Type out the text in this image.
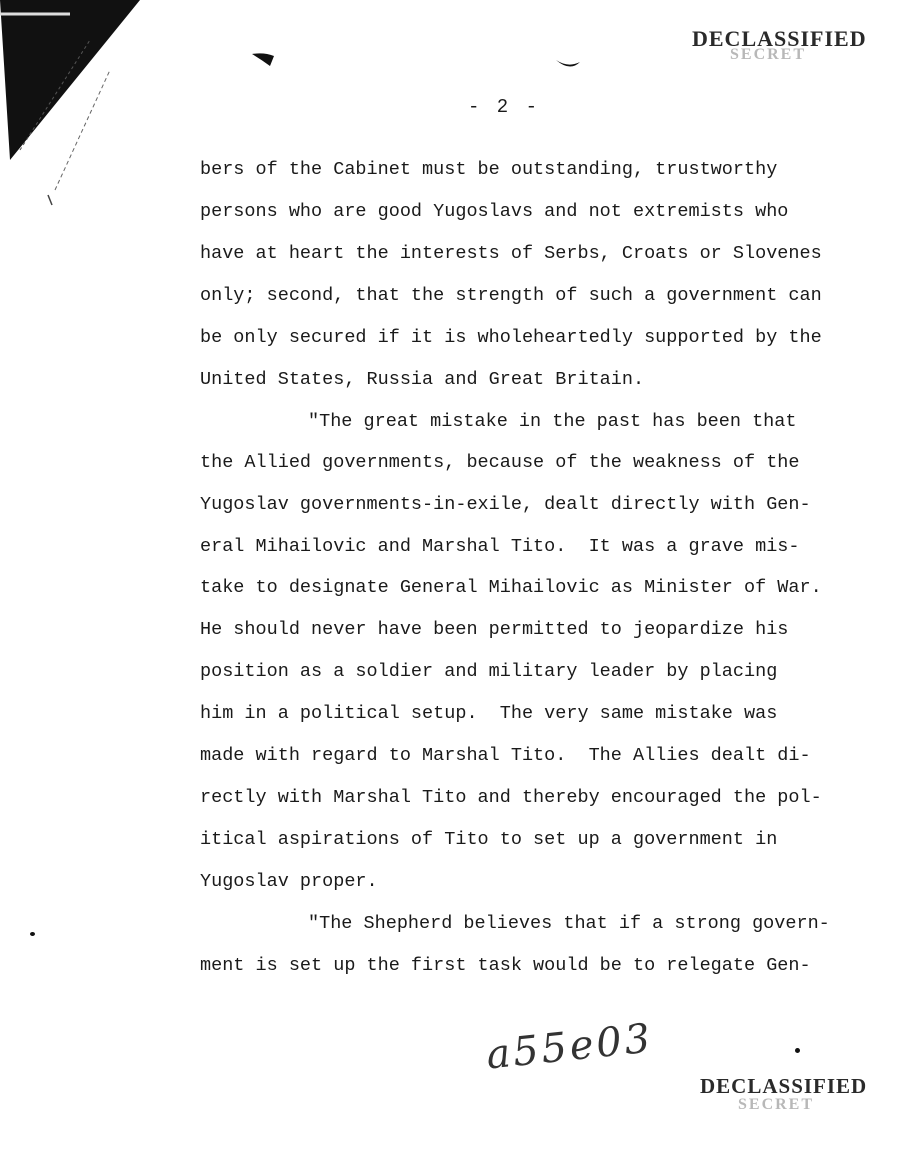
DECLASSIFIED
SECRET
- 2 -
bers of the Cabinet must be outstanding, trustworthy
persons who are good Yugoslavs and not extremists who
have at heart the interests of Serbs, Croats or Slovenes
only; second, that the strength of such a government can
be only secured if it is wholeheartedly supported by the
United States, Russia and Great Britain.
"The great mistake in the past has been that
the Allied governments, because of the weakness of the
Yugoslav governments-in-exile, dealt directly with Gen-
eral Mihailovic and Marshal Tito.  It was a grave mis-
take to designate General Mihailovic as Minister of War.
He should never have been permitted to jeopardize his
position as a soldier and military leader by placing
him in a political setup.  The very same mistake was
made with regard to Marshal Tito.  The Allies dealt di-
rectly with Marshal Tito and thereby encouraged the pol-
itical aspirations of Tito to set up a government in
Yugoslav proper.
"The Shepherd believes that if a strong govern-
ment is set up the first task would be to relegate Gen-
a55e03
DECLASSIFIED
SECRET
